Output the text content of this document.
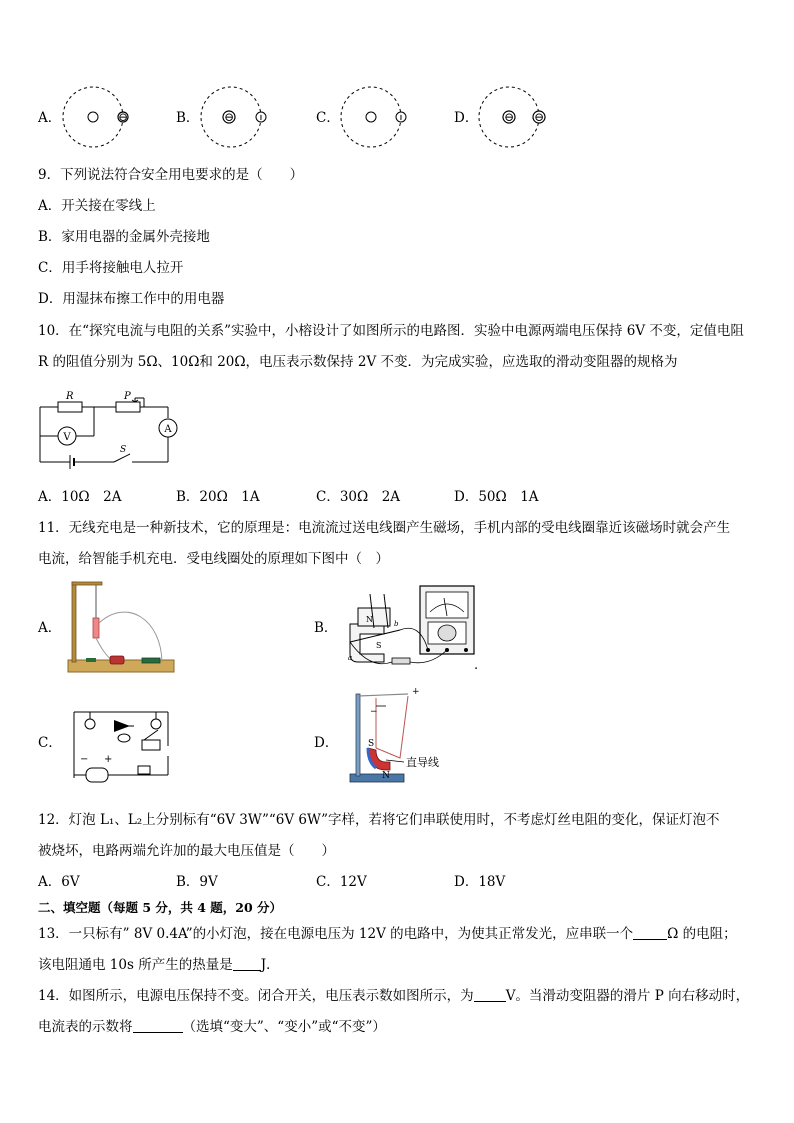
A．	⊖	B． ⊖	C．	D． ⊖ ⊖
9．下列说法符合安全用电要求的是（　　）
A．开关接在零线上
B．家用电器的金属外壳接地
C．用手将接触电人拉开
D．用湿抹布擦工作中的用电器
10．在“探究电流与电阻的关系”实验中，小榕设计了如图所示的电路图．实验中电源两端电压保持 6V 不变，定值电阻
R 的阻值分别为 5Ω、10Ω和 20Ω，电压表示数保持 2V 不变．为完成实验，应选取的滑动变阻器的规格为
R	P
A
V
S
A．10Ω　2A	B．20Ω　1A	C．30Ω　2A	D．50Ω　1A
11．无线充电是一种新技术，它的原理是：电流流过送电线圈产生磁场，手机内部的受电线圈靠近该磁场时就会产生
电流，给智能手机充电．受电线圈处的原理如下图中（　）
A．	B．
N
S
a
b
.
C．
− +
D．
−
+
S
N
直导线
12．灯泡 L₁、L₂上分别标有“6V 3W”“6V 6W”字样，若将它们串联使用时，不考虑灯丝电阻的变化，保证灯泡不
被烧坏，电路两端允许加的最大电压值是（　　）
A．6V	B．9V	C．12V	D．18V
二、填空题（每题 5 分，共 4 题，20 分）
13．一只标有” 8V 0.4A”的小灯泡，接在电源电压为 12V 的电路中，为使其正常发光，应串联一个	Ω 的电阻；
该电阻通电 10s 所产生的热量是 J．
14．如图所示，电源电压保持不变。闭合开关，电压表示数如图所示，为 V。当滑动变阻器的滑片 P 向右移动时，
电流表的示数将	（选填“变大”、“变小”或“不变”）
